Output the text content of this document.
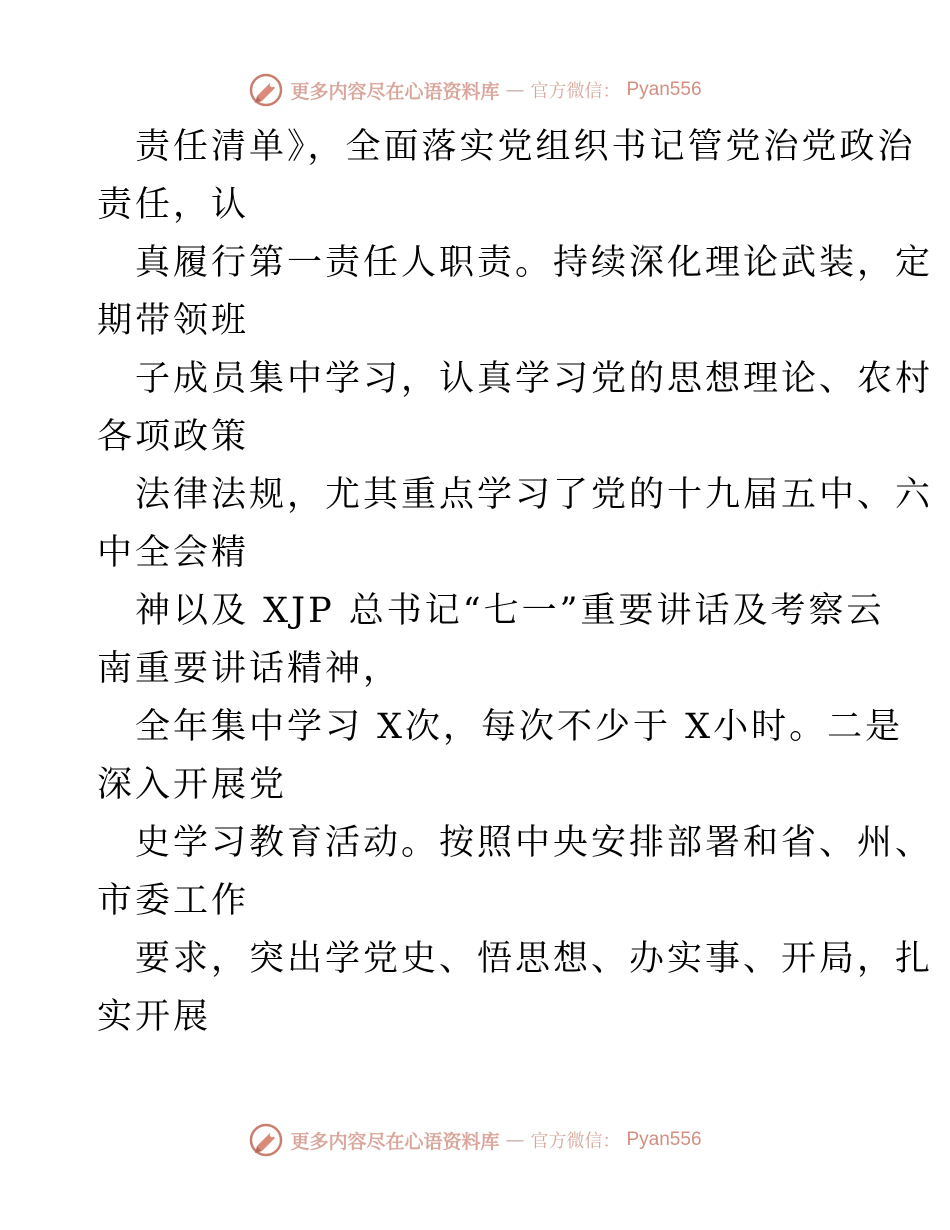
更多内容尽在心语资料库 — 官方微信： Pyan556
责任清单》，全面落实党组织书记管党治党政治
责任，认
真履行第一责任人职责。持续深化理论武装，定
期带领班
子成员集中学习，认真学习党的思想理论、农村
各项政策
法律法规，尤其重点学习了党的十九届五中、六
中全会精
神以及 XJP 总书记“七一”重要讲话及考察云
南重要讲话精神，
全年集中学习 X次，每次不少于 X小时。二是
深入开展党
史学习教育活动。按照中央安排部署和省、州、
市委工作
要求，突出学党史、悟思想、办实事、开局，扎
实开展
更多内容尽在心语资料库 — 官方微信： Pyan556
